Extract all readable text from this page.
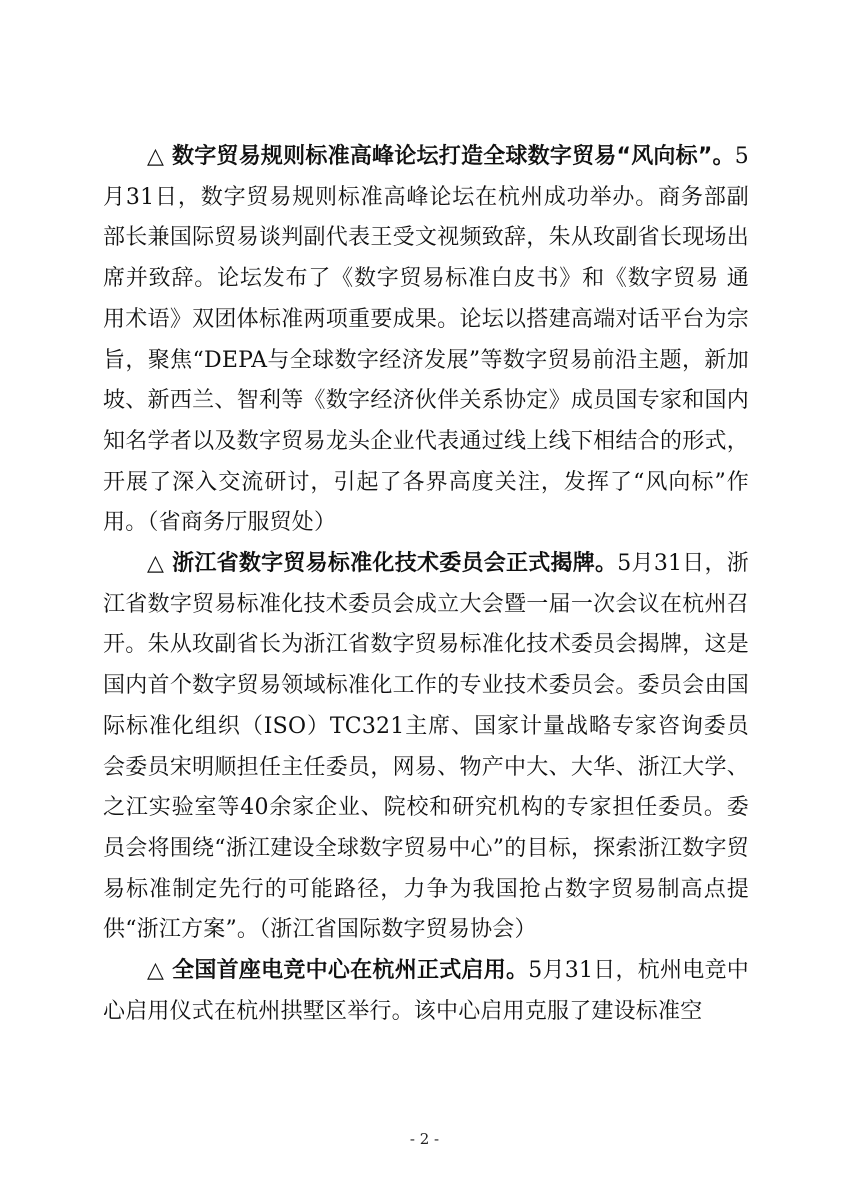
△ 数字贸易规则标准高峰论坛打造全球数字贸易“风向标”。5月31日，数字贸易规则标准高峰论坛在杭州成功举办。商务部副部长兼国际贸易谈判副代表王受文视频致辞，朱从玫副省长现场出席并致辞。论坛发布了《数字贸易标准白皮书》和《数字贸易 通用术语》双团体标准两项重要成果。论坛以搭建高端对话平台为宗旨，聚焦“DEPA与全球数字经济发展”等数字贸易前沿主题，新加坡、新西兰、智利等《数字经济伙伴关系协定》成员国专家和国内知名学者以及数字贸易龙头企业代表通过线上线下相结合的形式，开展了深入交流研讨，引起了各界高度关注，发挥了“风向标”作用。（省商务厅服贸处）

△ 浙江省数字贸易标准化技术委员会正式揭牌。5月31日，浙江省数字贸易标准化技术委员会成立大会暨一届一次会议在杭州召开。朱从玫副省长为浙江省数字贸易标准化技术委员会揭牌，这是国内首个数字贸易领域标准化工作的专业技术委员会。委员会由国际标准化组织（ISO）TC321主席、国家计量战略专家咨询委员会委员宋明顺担任主任委员，网易、物产中大、大华、浙江大学、之江实验室等40余家企业、院校和研究机构的专家担任委员。委员会将围绕“浙江建设全球数字贸易中心”的目标，探索浙江数字贸易标准制定先行的可能路径，力争为我国抢占数字贸易制高点提供“浙江方案”。（浙江省国际数字贸易协会）

△ 全国首座电竞中心在杭州正式启用。5月31日，杭州电竞中心启用仪式在杭州拱墅区举行。该中心启用克服了建设标准空

- 2 -
